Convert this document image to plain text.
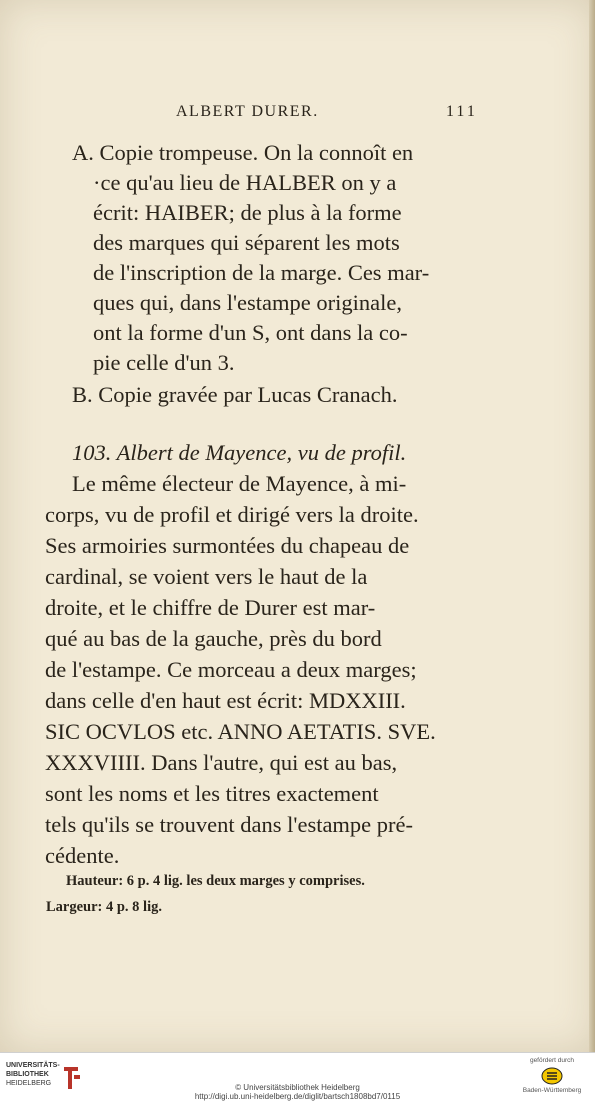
ALBERT DURER.	111
A. Copie trompeuse. On la connoît en
·ce qu'au lieu de HALBER on y a
écrit: HAIBER; de plus à la forme
des marques qui séparent les mots
de l'inscription de la marge. Ces mar-
ques qui, dans l'estampe originale,
ont la forme d'un S, ont dans la co-
pie celle d'un 3.
B. Copie gravée par Lucas Cranach.
103. Albert de Mayence, vu de profil.
Le même électeur de Mayence, à mi-
corps, vu de profil et dirigé vers la droite.
Ses armoiries surmontées du chapeau de
cardinal, se voient vers le haut de la
droite, et le chiffre de Durer est mar-
qué au bas de la gauche, près du bord
de l'estampe. Ce morceau a deux marges;
dans celle d'en haut est écrit: MDXXIII.
SIC OCVLOS etc. ANNO AETATIS. SVE.
XXXVIIII. Dans l'autre, qui est au bas,
sont les noms et les titres exactement
tels qu'ils se trouvent dans l'estampe pré-
cédente.
Hauteur: 6 p. 4 lig. les deux marges y comprises.
Largeur: 4 p. 8 lig.
UNIVERSITÄTS-
BIBLIOTHEK
HEIDELBERG	© Universitätsbibliothek Heidelberg
http://digi.ub.uni-heidelberg.de/diglit/bartsch1808bd7/0115
gefördert durch
Baden-Württemberg
